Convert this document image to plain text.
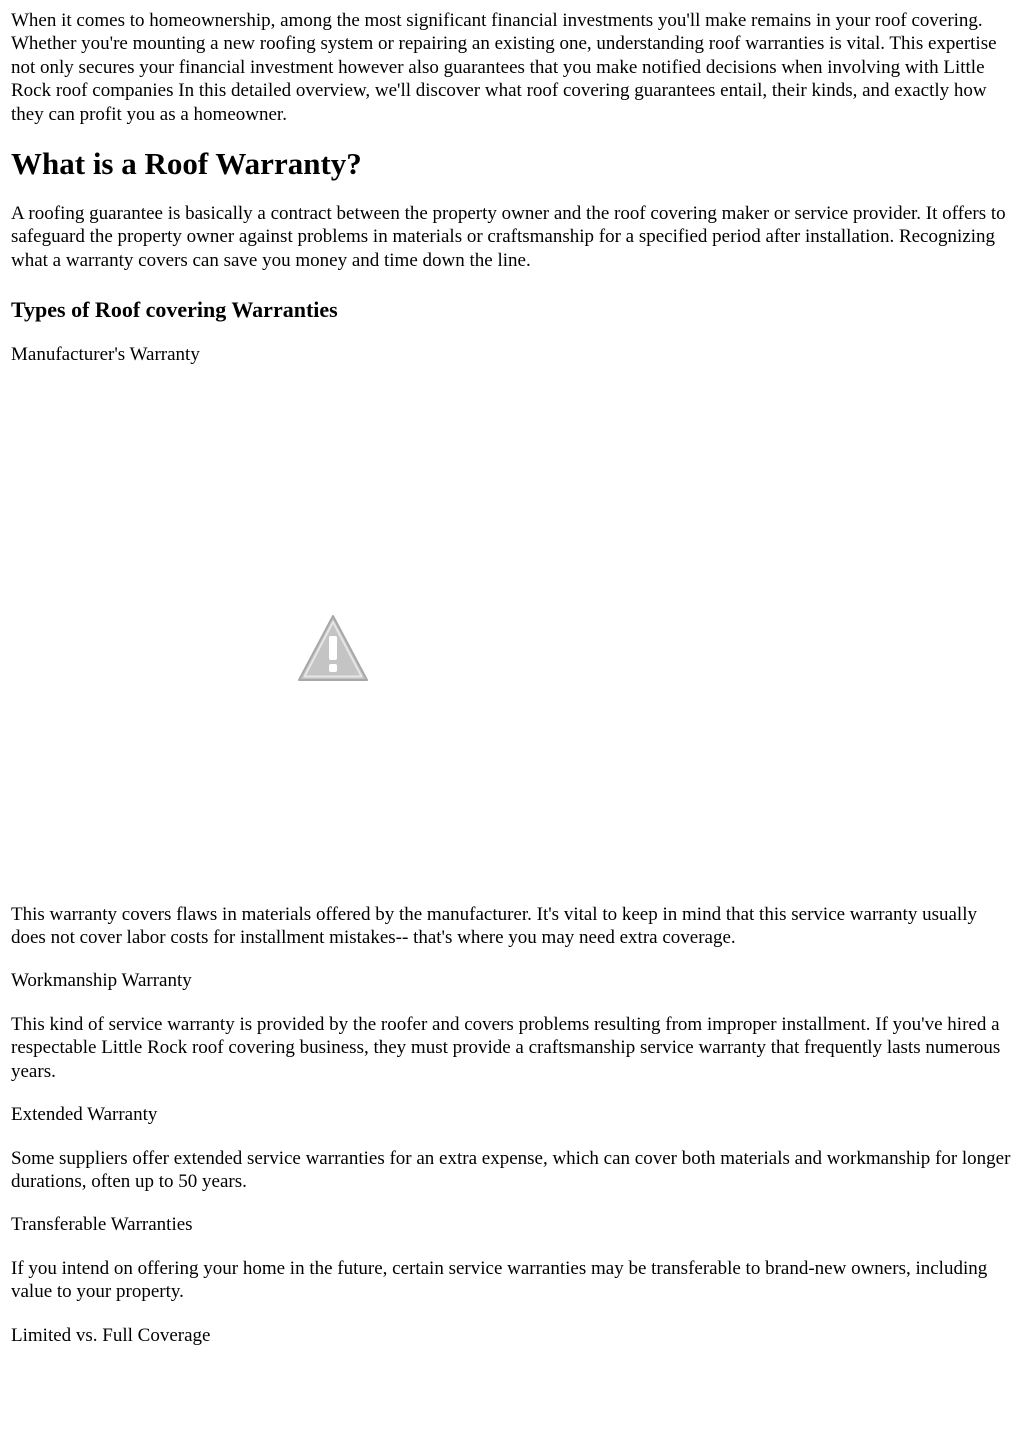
When it comes to homeownership, among the most significant financial investments you'll make remains in your roof covering. Whether you're mounting a new roofing system or repairing an existing one, understanding roof warranties is vital. This expertise not only secures your financial investment however also guarantees that you make notified decisions when involving with Little Rock roof companies In this detailed overview, we'll discover what roof covering guarantees entail, their kinds, and exactly how they can profit you as a homeowner.

What is a Roof Warranty?

A roofing guarantee is basically a contract between the property owner and the roof covering maker or service provider. It offers to safeguard the property owner against problems in materials or craftsmanship for a specified period after installation. Recognizing what a warranty covers can save you money and time down the line.

Types of Roof covering Warranties

Manufacturer's Warranty

This warranty covers flaws in materials offered by the manufacturer. It's vital to keep in mind that this service warranty usually does not cover labor costs for installment mistakes-- that's where you may need extra coverage.

Workmanship Warranty

This kind of service warranty is provided by the roofer and covers problems resulting from improper installment. If you've hired a respectable Little Rock roof covering business, they must provide a craftsmanship service warranty that frequently lasts numerous years.

Extended Warranty

Some suppliers offer extended service warranties for an extra expense, which can cover both materials and workmanship for longer durations, often up to 50 years.

Transferable Warranties

If you intend on offering your home in the future, certain service warranties may be transferable to brand-new owners, including value to your property.

Limited vs. Full Coverage
